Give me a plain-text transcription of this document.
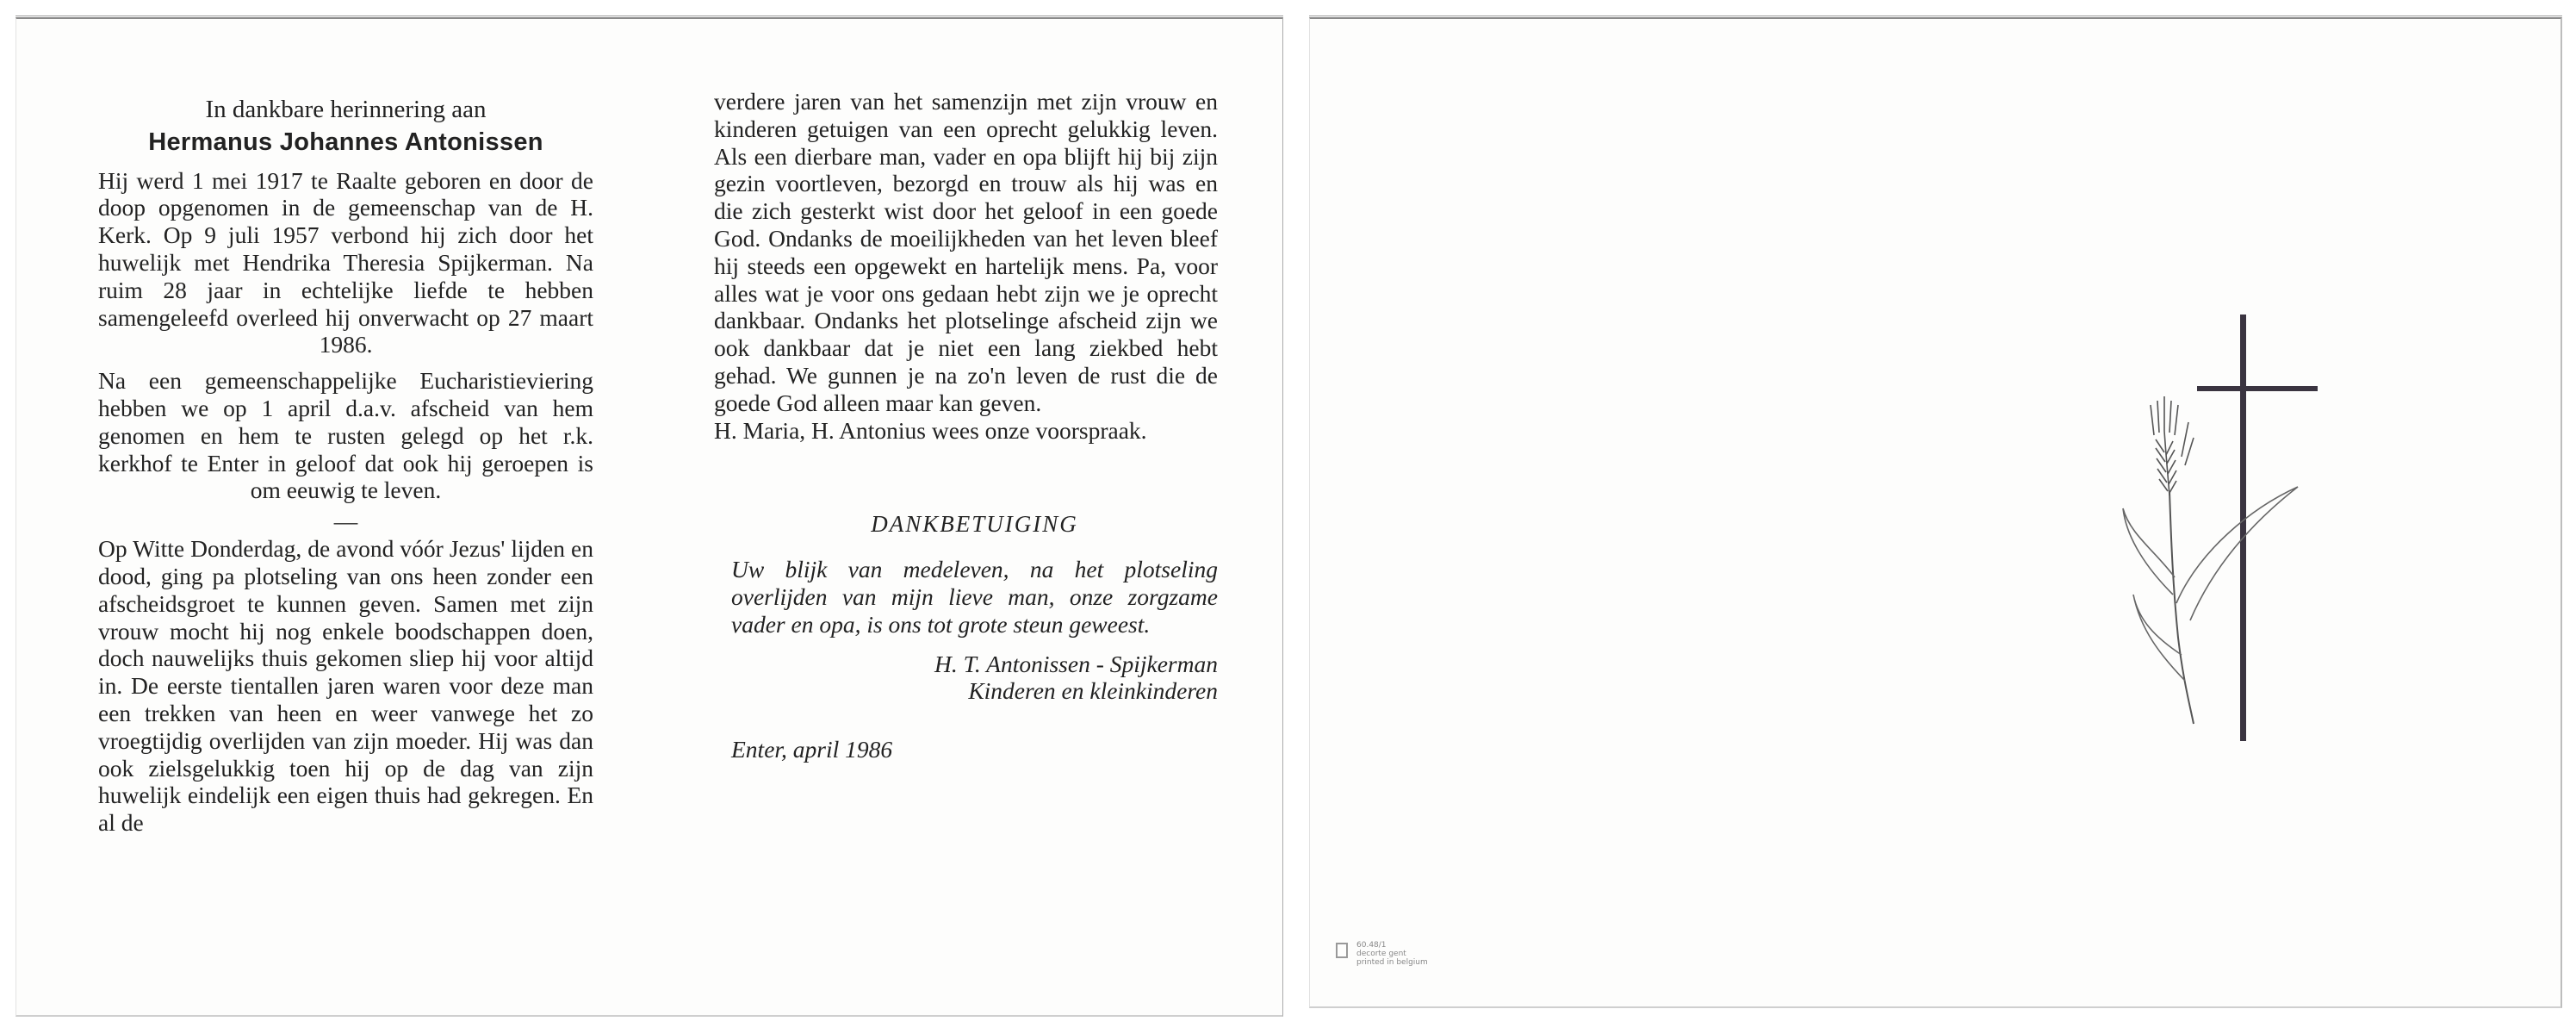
In dankbare herinnering aan

Hermanus Johannes Antonissen

Hij werd 1 mei 1917 te Raalte geboren en door de doop opgenomen in de gemeenschap van de H. Kerk. Op 9 juli 1957 verbond hij zich door het huwelijk met Hendrika Theresia Spijkerman. Na ruim 28 jaar in echtelijke liefde te hebben samengeleefd overleed hij onverwacht op 27 maart 1986.

Na een gemeenschappelijke Eucharistieviering hebben we op 1 april d.a.v. afscheid van hem genomen en hem te rusten gelegd op het r.k. kerkhof te Enter in geloof dat ook hij geroepen is om eeuwig te leven.

—

Op Witte Donderdag, de avond vóór Jezus' lijden en dood, ging pa plotseling van ons heen zonder een afscheidsgroet te kunnen geven. Samen met zijn vrouw mocht hij nog enkele boodschappen doen, doch nauwelijks thuis gekomen sliep hij voor altijd in. De eerste tientallen jaren waren voor deze man een trekken van heen en weer vanwege het zo vroegtijdig overlijden van zijn moeder. Hij was dan ook zielsgelukkig toen hij op de dag van zijn huwelijk eindelijk een eigen thuis had gekregen. En al de

verdere jaren van het samenzijn met zijn vrouw en kinderen getuigen van een oprecht gelukkig leven. Als een dierbare man, vader en opa blijft hij bij zijn gezin voortleven, bezorgd en trouw als hij was en die zich gesterkt wist door het geloof in een goede God. Ondanks de moeilijkheden van het leven bleef hij steeds een opgewekt en hartelijk mens. Pa, voor alles wat je voor ons gedaan hebt zijn we je oprecht dankbaar. Ondanks het plotselinge afscheid zijn we ook dankbaar dat je niet een lang ziekbed hebt gehad. We gunnen je na zo'n leven de rust die de goede God alleen maar kan geven.

H. Maria, H. Antonius wees onze voorspraak.

DANKBETUIGING

Uw blijk van medeleven, na het plotseling overlijden van mijn lieve man, onze zorgzame vader en opa, is ons tot grote steun geweest.

H. T. Antonissen - Spijkerman

Kinderen en kleinkinderen

Enter, april 1986

60.48/1
decorte gent
printed in belgium
